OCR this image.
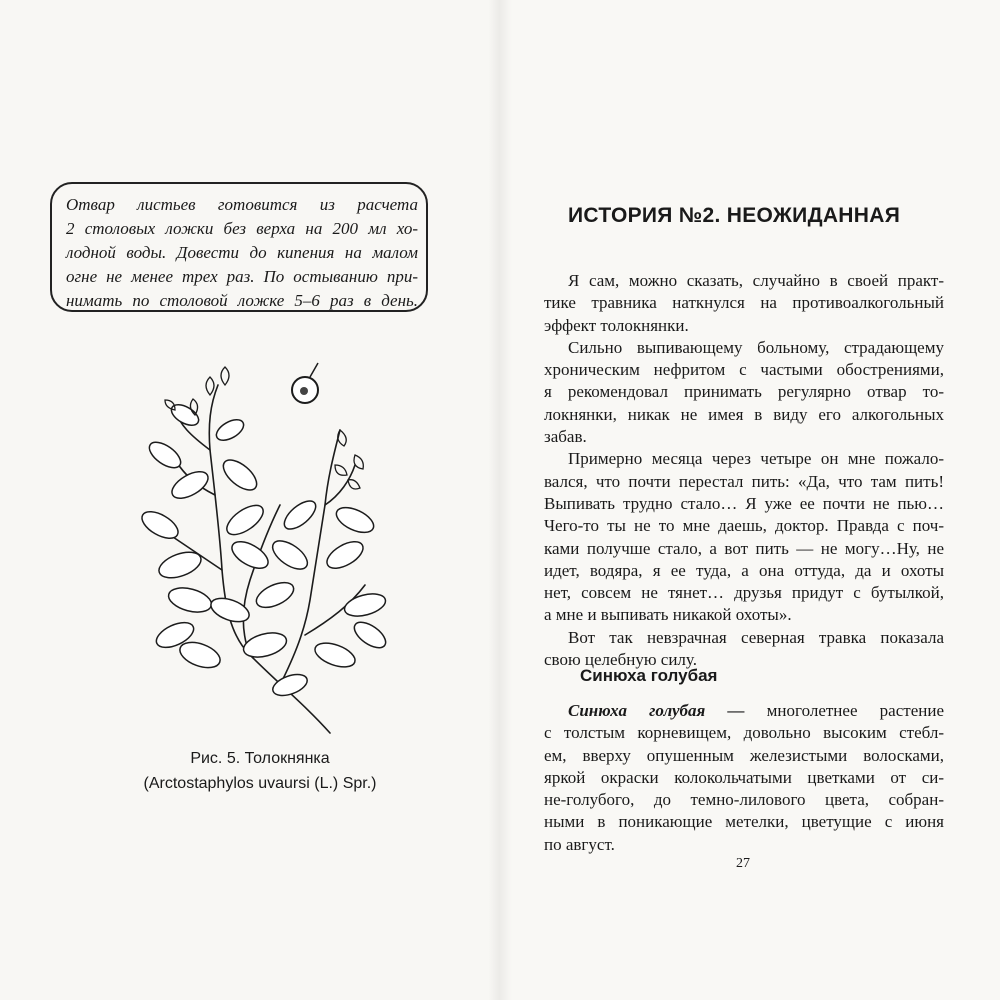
Отвар листьев готовится из расчета
2 столовых ложки без верха на 200 мл хо-
лодной воды. Довести до кипения на малом
огне не менее трех раз. По остыванию при-
нимать по столовой ложке 5–6 раз в день.

Рис. 5. Толокнянка
(Arctostaphylos uvaursi (L.) Spr.)

ИСТОРИЯ №2. НЕОЖИДАННАЯ

Я сам, можно сказать, случайно в своей практ-
тике травника наткнулся на противоалкогольный
эффект толокнянки.
Сильно выпивающему больному, страдающему
хроническим нефритом с частыми обострениями,
я рекомендовал принимать регулярно отвар то-
локнянки, никак не имея в виду его алкогольных
забав.
Примерно месяца через четыре он мне пожало-
вался, что почти перестал пить: «Да, что там пить!
Выпивать трудно стало… Я уже ее почти не пью…
Чего-то ты не то мне даешь, доктор. Правда с поч-
ками получше стало, а вот пить — не могу…Ну, не
идет, водяра, я ее туда, а она оттуда, да и охоты
нет, совсем не тянет… друзья придут с бутылкой,
а мне и выпивать никакой охоты».
Вот так невзрачная северная травка показала
свою целебную силу.

Синюха голубая

Синюха голубая — многолетнее растение
с толстым корневищем, довольно высоким стебл-
ем, вверху опушенным железистыми волосками,
яркой окраски колокольчатыми цветками от си-
не-голубого, до темно-лилового цвета, собран-
ными в поникающие метелки, цветущие с июня
по август.

27
